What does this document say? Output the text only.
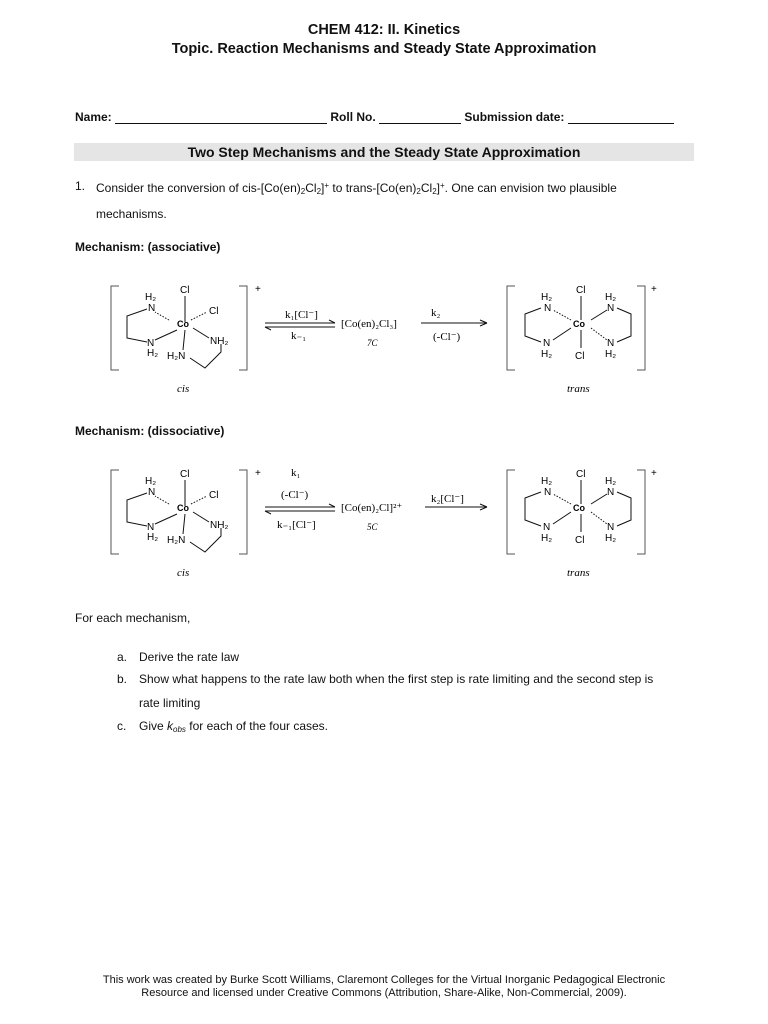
CHEM 412: II. Kinetics
Topic. Reaction Mechanisms and Steady State Approximation
Name:	Roll No.	Submission date:
Two Step Mechanisms and the Steady State Approximation
1. Consider the conversion of cis-$[Co(en)_2Cl_2]^+$ to trans-$[Co(en)_2Cl_2]^+$. One can envision two plausible
mechanisms.
Mechanism: (associative)
+
Cl
Cl
Co
H₂
N
NH₂
N
H₂ H₂N
cis
k₁[Cl⁻]
k₋₁
[Co(en)₂Cl₃]
7C
k₂
(-Cl⁻)
+
Cl
Co
Cl
H₂
N
H₂
N
N
H₂
N
H₂
trans
Mechanism: (dissociative)
+
Cl
Cl
Co
H₂
N
NH₂
N
H₂ H₂N
cis
k₁
(-Cl⁻)
k₋₁[Cl⁻]
[Co(en)₂Cl]²⁺
5C
k₂[Cl⁻]
+
Cl
Co
Cl
H₂
N
H₂
N
N
H₂
N
H₂
trans
For each mechanism,
a. Derive the rate law
b. Show what happens to the rate law both when the first step is rate limiting and the second step is
rate limiting
c. Give $k_{obs}$ for each of the four cases.
This work was created by Burke Scott Williams, Claremont Colleges for the Virtual Inorganic Pedagogical Electronic
Resource and licensed under Creative Commons (Attribution, Share-Alike, Non-Commercial, 2009).
